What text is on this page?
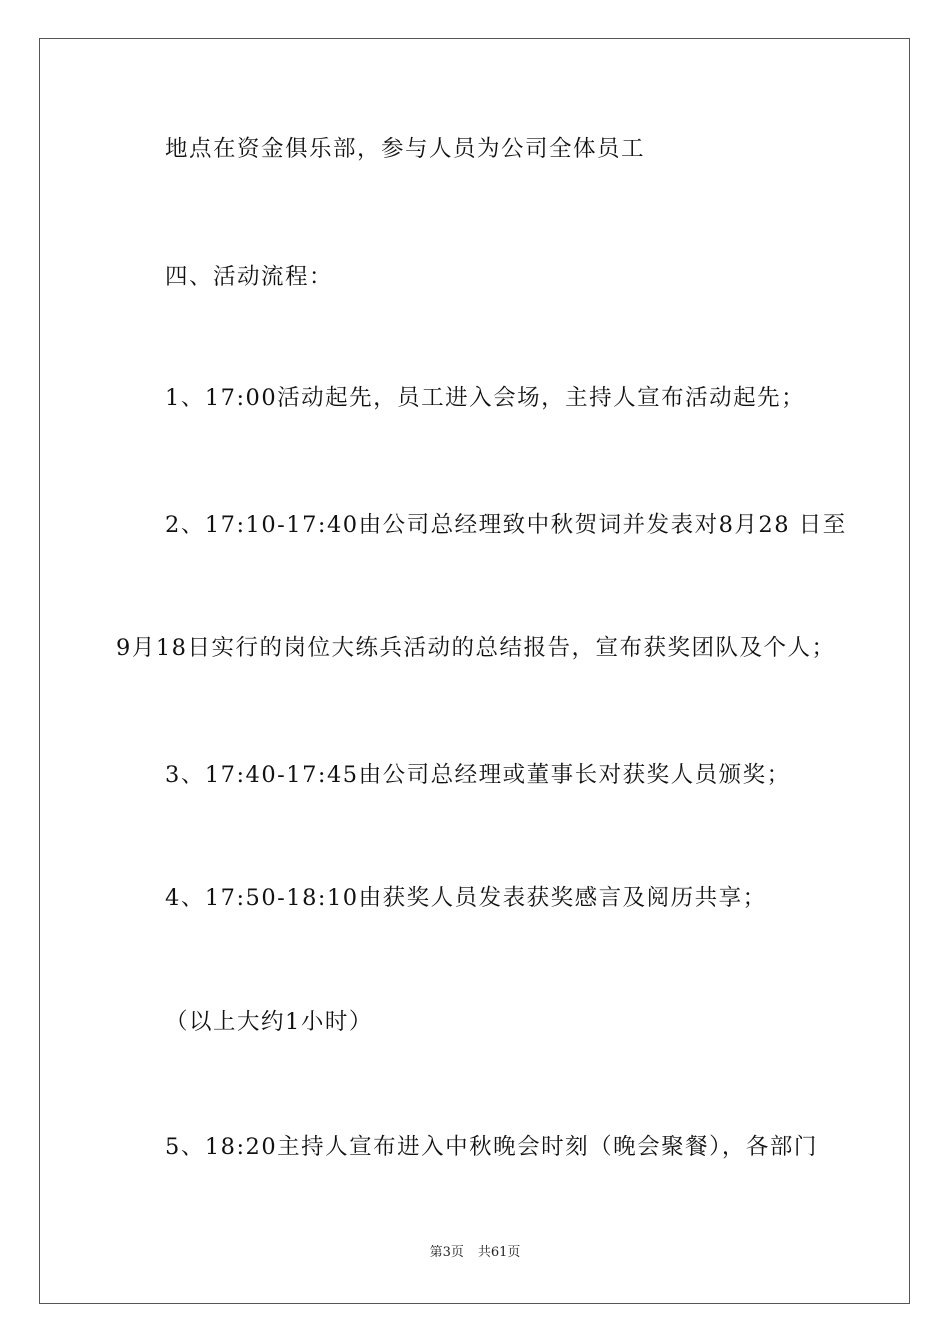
地点在资金俱乐部，参与人员为公司全体员工
四、活动流程：
1、17:00活动起先，员工进入会场，主持人宣布活动起先；
2、17:10-17:40由公司总经理致中秋贺词并发表对8月28 日至
9月18日实行的岗位大练兵活动的总结报告，宣布获奖团队及个人；
3、17:40-17:45由公司总经理或董事长对获奖人员颁奖；
4、17:50-18:10由获奖人员发表获奖感言及阅历共享；
（以上大约1小时）
5、18:20主持人宣布进入中秋晚会时刻（晚会聚餐），各部门
第3页 共61页
